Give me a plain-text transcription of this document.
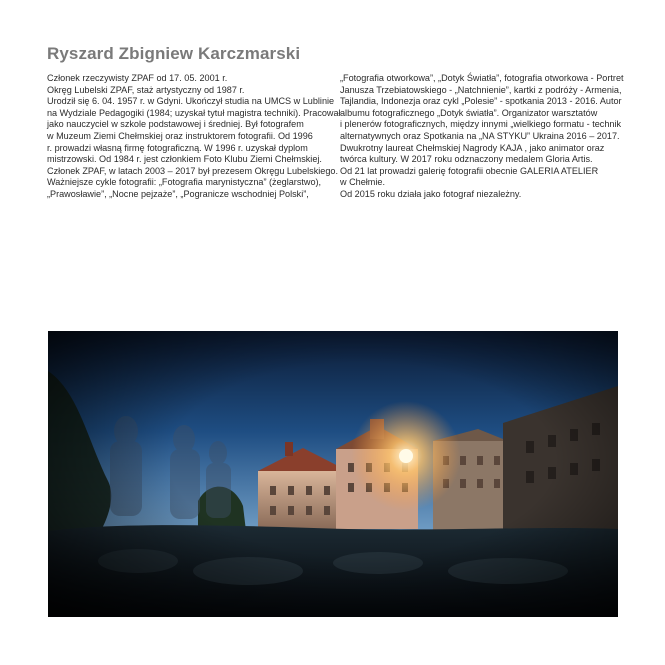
Ryszard Zbigniew Karczmarski
Członek rzeczywisty ZPAF od 17. 05. 2001 r.
Okręg Lubelski ZPAF, staż artystyczny od 1987 r.
Urodził się 6. 04. 1957 r. w Gdyni. Ukończył studia na UMCS w Lublinie
na Wydziale Pedagogiki (1984; uzyskał tytuł magistra techniki). Pracował
jako nauczyciel w szkole podstawowej i średniej. Był fotografem
w Muzeum Ziemi Chełmskiej oraz instruktorem fotografii. Od 1996
r. prowadzi własną firmę fotograficzną. W 1996 r. uzyskał dyplom
mistrzowski. Od 1984 r. jest członkiem Foto Klubu Ziemi Chełmskiej.
Członek ZPAF, w latach 2003 – 2017 był prezesem Okręgu Lubelskiego.
Ważniejsze cykle fotografii: „Fotografia marynistyczna” (żeglarstwo),
„Prawosławie”, „Nocne pejzaże”, „Pogranicze wschodniej Polski”,
„Fotografia otworkowa”, „Dotyk Światła”, fotografia otworkowa - Portret
Janusza Trzebiatowskiego - „Natchnienie”, kartki z podróży - Armenia,
Tajlandia, Indonezja oraz cykl „Polesie” - spotkania 2013 - 2016. Autor
albumu fotograficznego „Dotyk światła”. Organizator warsztatów
i plenerów fotograficznych, między innymi „wielkiego formatu - technik
alternatywnych oraz Spotkania na „NA STYKU” Ukraina 2016 – 2017.
Dwukrotny laureat Chełmskiej Nagrody KAJA , jako animator oraz
twórca kultury. W 2017 roku odznaczony medalem Gloria Artis.
Od 21 lat prowadzi galerię fotografii obecnie GALERIA ATELIER
w Chełmie.
Od 2015 roku działa jako fotograf niezależny.
